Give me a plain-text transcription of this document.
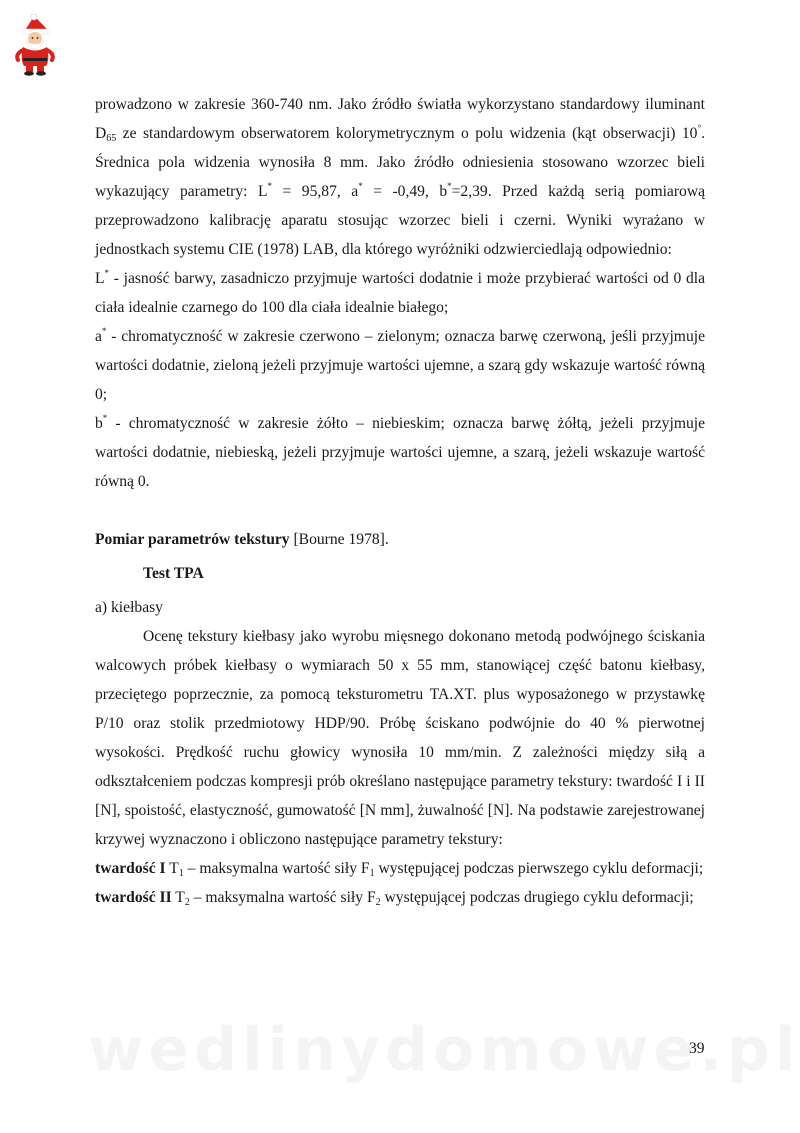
prowadzono w zakresie 360-740 nm. Jako źródło światła wykorzystano standardowy iluminant $D_{65}$ ze standardowym obserwatorem kolorymetrycznym o polu widzenia (kąt obserwacji) 10°. Średnica pola widzenia wynosiła 8 mm. Jako źródło odniesienia stosowano wzorzec bieli wykazujący parametry: L* = 95,87, a* = -0,49, b*=2,39. Przed każdą serią pomiarową przeprowadzono kalibrację aparatu stosując wzorzec bieli i czerni. Wyniki wyrażano w jednostkach systemu CIE (1978) LAB, dla którego wyróżniki odzwierciedlają odpowiednio:

L* - jasność barwy, zasadniczo przyjmuje wartości dodatnie i może przybierać wartości od 0 dla ciała idealnie czarnego do 100 dla ciała idealnie białego;

a* - chromatyczność w zakresie czerwono – zielonym; oznacza barwę czerwoną, jeśli przyjmuje wartości dodatnie, zieloną jeżeli przyjmuje wartości ujemne, a szarą gdy wskazuje wartość równą 0;

b* - chromatyczność w zakresie żółto – niebieskim; oznacza barwę żółtą, jeżeli przyjmuje wartości dodatnie, niebieską, jeżeli przyjmuje wartości ujemne, a szarą, jeżeli wskazuje wartość równą 0.

Pomiar parametrów tekstury [Bourne 1978].

Test TPA

a) kiełbasy

Ocenę tekstury kiełbasy jako wyrobu mięsnego dokonano metodą podwójnego ściskania walcowych próbek kiełbasy o wymiarach 50 x 55 mm, stanowiącej część batonu kiełbasy, przeciętego poprzecznie, za pomocą teksturometru TA.XT. plus wyposażonego w przystawkę P/10 oraz stolik przedmiotowy HDP/90. Próbę ściskano podwójnie do 40 % pierwotnej wysokości. Prędkość ruchu głowicy wynosiła 10 mm/min. Z zależności między siłą a odkształceniem podczas kompresji prób określano następujące parametry tekstury: twardość I i II [N], spoistość, elastyczność, gumowatość [N mm], żuwalność [N]. Na podstawie zarejestrowanej krzywej wyznaczono i obliczono następujące parametry tekstury:

twardość I $T_1$ – maksymalna wartość siły $F_1$ występującej podczas pierwszego cyklu deformacji;

twardość II $T_2$ – maksymalna wartość siły $F_2$ występującej podczas drugiego cyklu deformacji;

39
